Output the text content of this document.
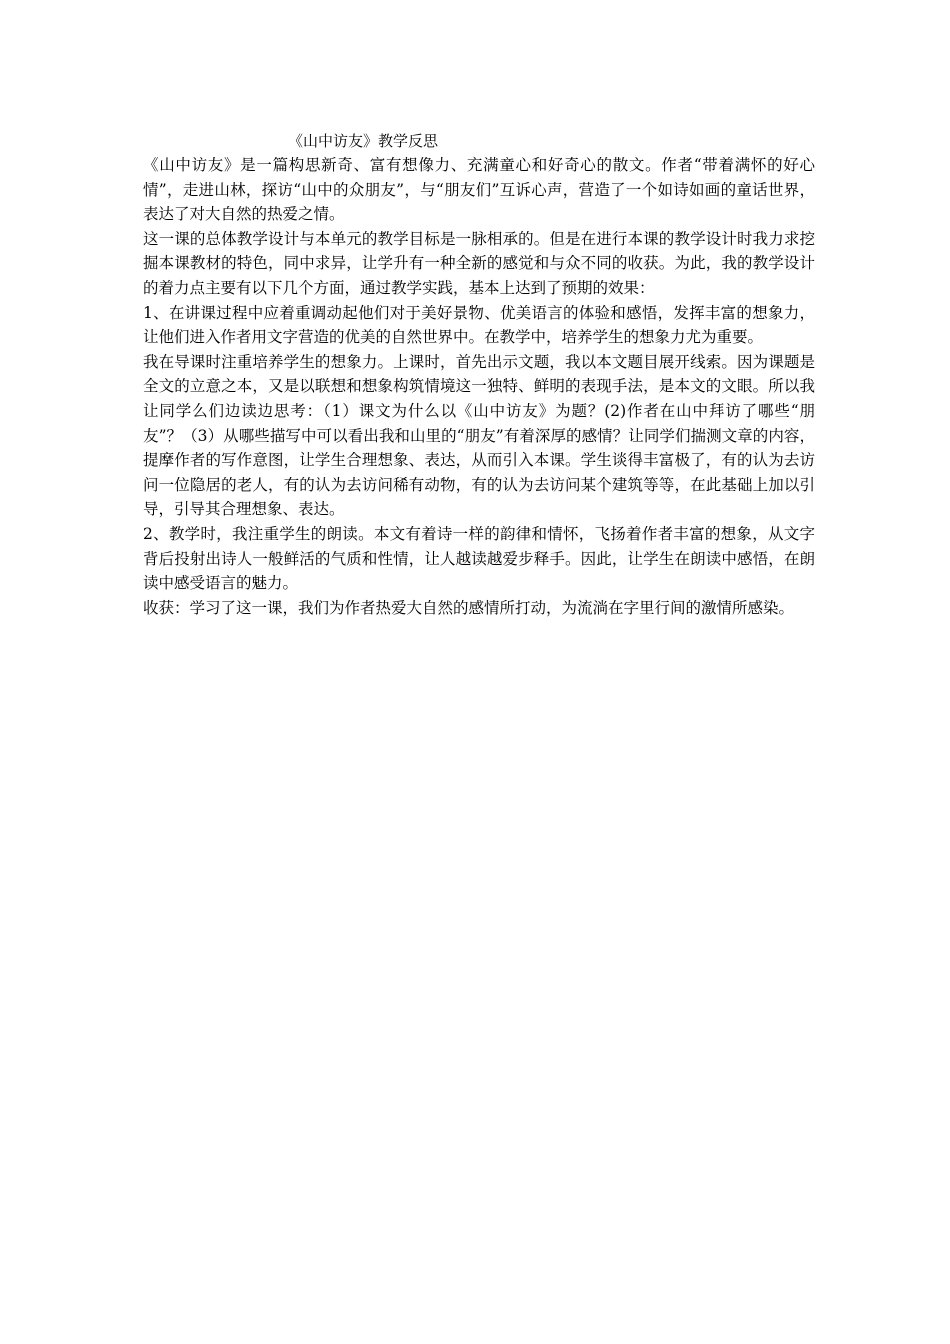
《山中访友》教学反思

《山中访友》是一篇构思新奇、富有想像力、充满童心和好奇心的散文。作者“带着满怀的好心情”，走进山林，探访“山中的众朋友”，与“朋友们”互诉心声，营造了一个如诗如画的童话世界，表达了对大自然的热爱之情。

这一课的总体教学设计与本单元的教学目标是一脉相承的。但是在进行本课的教学设计时我力求挖掘本课教材的特色，同中求异，让学升有一种全新的感觉和与众不同的收获。为此，我的教学设计的着力点主要有以下几个方面，通过教学实践，基本上达到了预期的效果：

1、在讲课过程中应着重调动起他们对于美好景物、优美语言的体验和感悟，发挥丰富的想象力，让他们进入作者用文字营造的优美的自然世界中。在教学中，培养学生的想象力尤为重要。

我在导课时注重培养学生的想象力。上课时，首先出示文题，我以本文题目展开线索。因为课题是全文的立意之本，又是以联想和想象构筑情境这一独特、鲜明的表现手法，是本文的文眼。所以我让同学么们边读边思考：（1）课文为什么以《山中访友》为题？(2)作者在山中拜访了哪些“朋友”？（3）从哪些描写中可以看出我和山里的“朋友”有着深厚的感情？让同学们揣测文章的内容，提摩作者的写作意图，让学生合理想象、表达，从而引入本课。学生谈得丰富极了，有的认为去访问一位隐居的老人，有的认为去访问稀有动物，有的认为去访问某个建筑等等，在此基础上加以引导，引导其合理想象、表达。

2、教学时，我注重学生的朗读。本文有着诗一样的韵律和情怀，飞扬着作者丰富的想象，从文字背后投射出诗人一般鲜活的气质和性情，让人越读越爱步释手。因此，让学生在朗读中感悟，在朗读中感受语言的魅力。

收获：学习了这一课，我们为作者热爱大自然的感情所打动，为流淌在字里行间的激情所感染。
